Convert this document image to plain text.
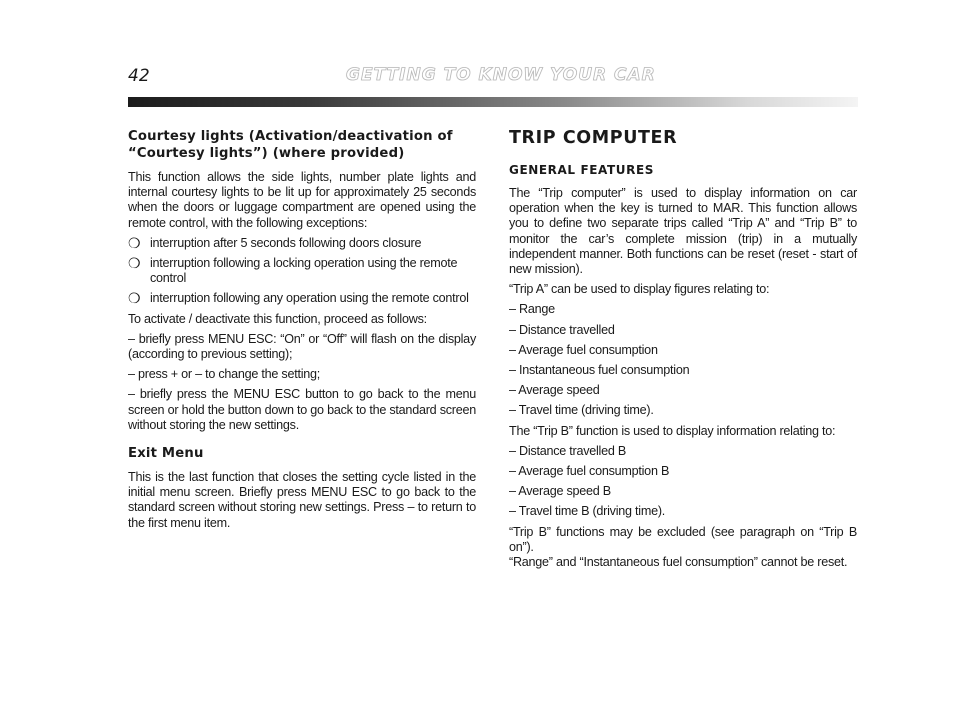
42	GETTING TO KNOW YOUR CAR
Courtesy lights (Activation/deactivation of “Courtesy lights”) (where provided)

This function allows the side lights, number plate lights and internal courtesy lights to be lit up for approximately 25 seconds when the doors or luggage compartment are opened using the remote control, with the following exceptions:

❍ interruption after 5 seconds following doors closure
❍ interruption following a locking operation using the remote control
❍ interruption following any operation using the remote control

To activate / deactivate this function, proceed as follows:

– briefly press MENU ESC: “On” or “Off” will flash on the display (according to previous setting);

– press + or – to change the setting;

– briefly press the MENU ESC button to go back to the menu screen or hold the button down to go back to the standard screen without storing the new settings.

Exit Menu

This is the last function that closes the setting cycle listed in the initial menu screen. Briefly press MENU ESC to go back to the standard screen without storing new settings. Press – to return to the first menu item.

TRIP COMPUTER
GENERAL FEATURES

The “Trip computer” is used to display information on car operation when the key is turned to MAR. This function allows you to define two separate trips called “Trip A” and “Trip B” to monitor the car’s complete mission (trip) in a mutually independent manner. Both functions can be reset (reset - start of new mission).

“Trip A” can be used to display figures relating to:

– Range
– Distance travelled
– Average fuel consumption
– Instantaneous fuel consumption
– Average speed
– Travel time (driving time).

The “Trip B” function is used to display information relating to:

– Distance travelled B
– Average fuel consumption B
– Average speed B
– Travel time B (driving time).

“Trip B” functions may be excluded (see paragraph on “Trip B on”).

“Range” and “Instantaneous fuel consumption” cannot be reset.
